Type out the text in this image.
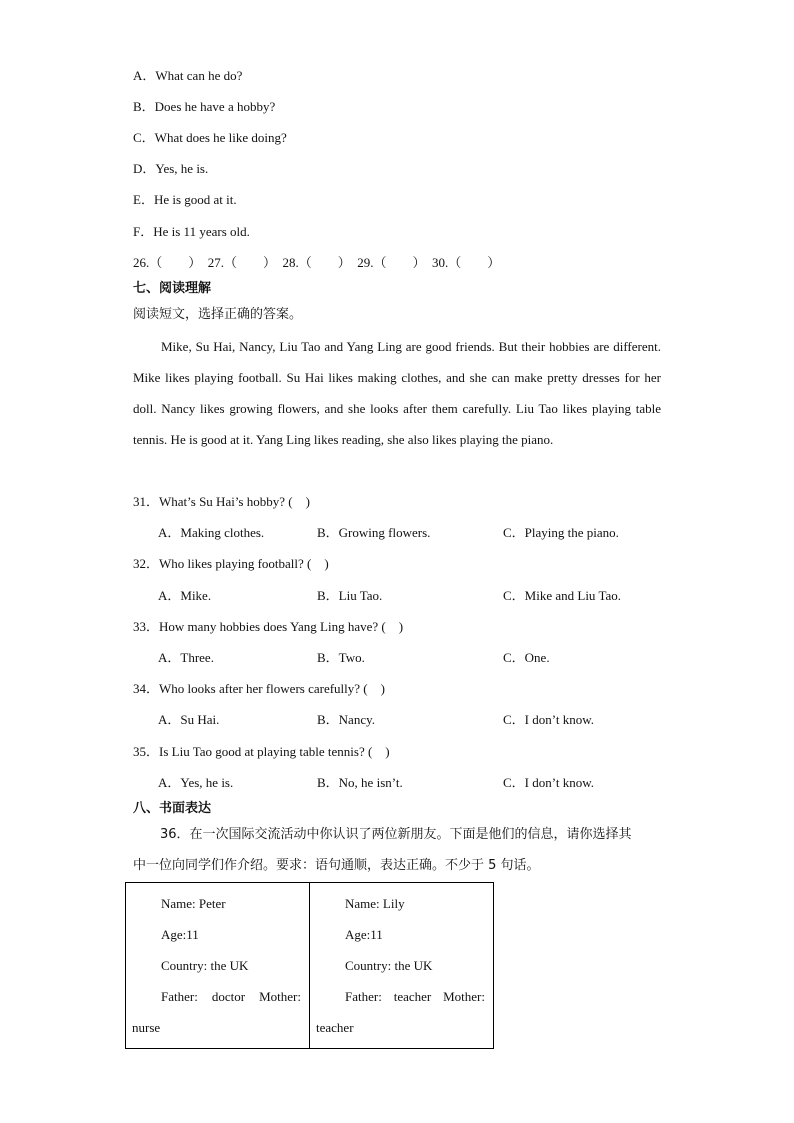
A．What can he do?
B．Does he have a hobby?
C．What does he like doing?
D．Yes, he is.
E．He is good at it.
F．He is 11 years old.
26.（　　）　27.（　　）　28.（　　）　29.（　　）　30.（　　）
七、阅读理解
阅读短文，选择正确的答案。
Mike, Su Hai, Nancy, Liu Tao and Yang Ling are good friends. But their hobbies are different. Mike likes playing football. Su Hai likes making clothes, and she can make pretty dresses for her doll. Nancy likes growing flowers, and she looks after them carefully. Liu Tao likes playing table tennis. He is good at it. Yang Ling likes reading, she also likes playing the piano.
31．What’s Su Hai’s hobby? (　)
A．Making clothes.	B．Growing flowers.	C．Playing the piano.
32．Who likes playing football? (　)
A．Mike.	B．Liu Tao.	C．Mike and Liu Tao.
33．How many hobbies does Yang Ling have? (　)
A．Three.	B．Two.	C．One.
34．Who looks after her flowers carefully? (　)
A．Su Hai.	B．Nancy.	C．I don’t know.
35．Is Liu Tao good at playing table tennis? (　)
A．Yes, he is.	B．No, he isn’t.	C．I don’t know.
八、书面表达
36．在一次国际交流活动中你认识了两位新朋友。下面是他们的信息，请你选择其
中一位向同学们作介绍。要求：语句通顺，表达正确。不少于 5 句话。
Name: Peter
Age:11
Country: the UK
Father: doctor Mother:
nurse

Name: Lily
Age:11
Country: the UK
Father: teacher Mother:
teacher
